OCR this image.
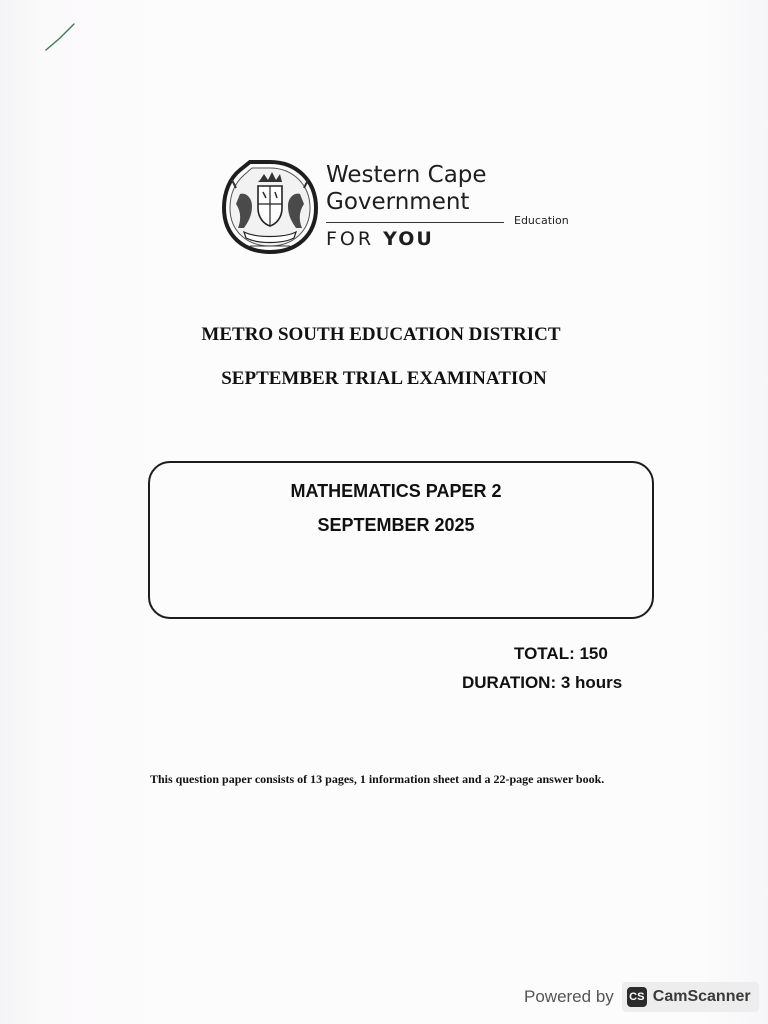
Western Cape
Government
Education
FOR YOU
METRO SOUTH EDUCATION DISTRICT
SEPTEMBER TRIAL EXAMINATION
MATHEMATICS PAPER 2
SEPTEMBER 2025
TOTAL: 150
DURATION: 3 hours
This question paper consists of 13 pages, 1 information sheet and a 22-page answer book.
Powered by CS CamScanner
